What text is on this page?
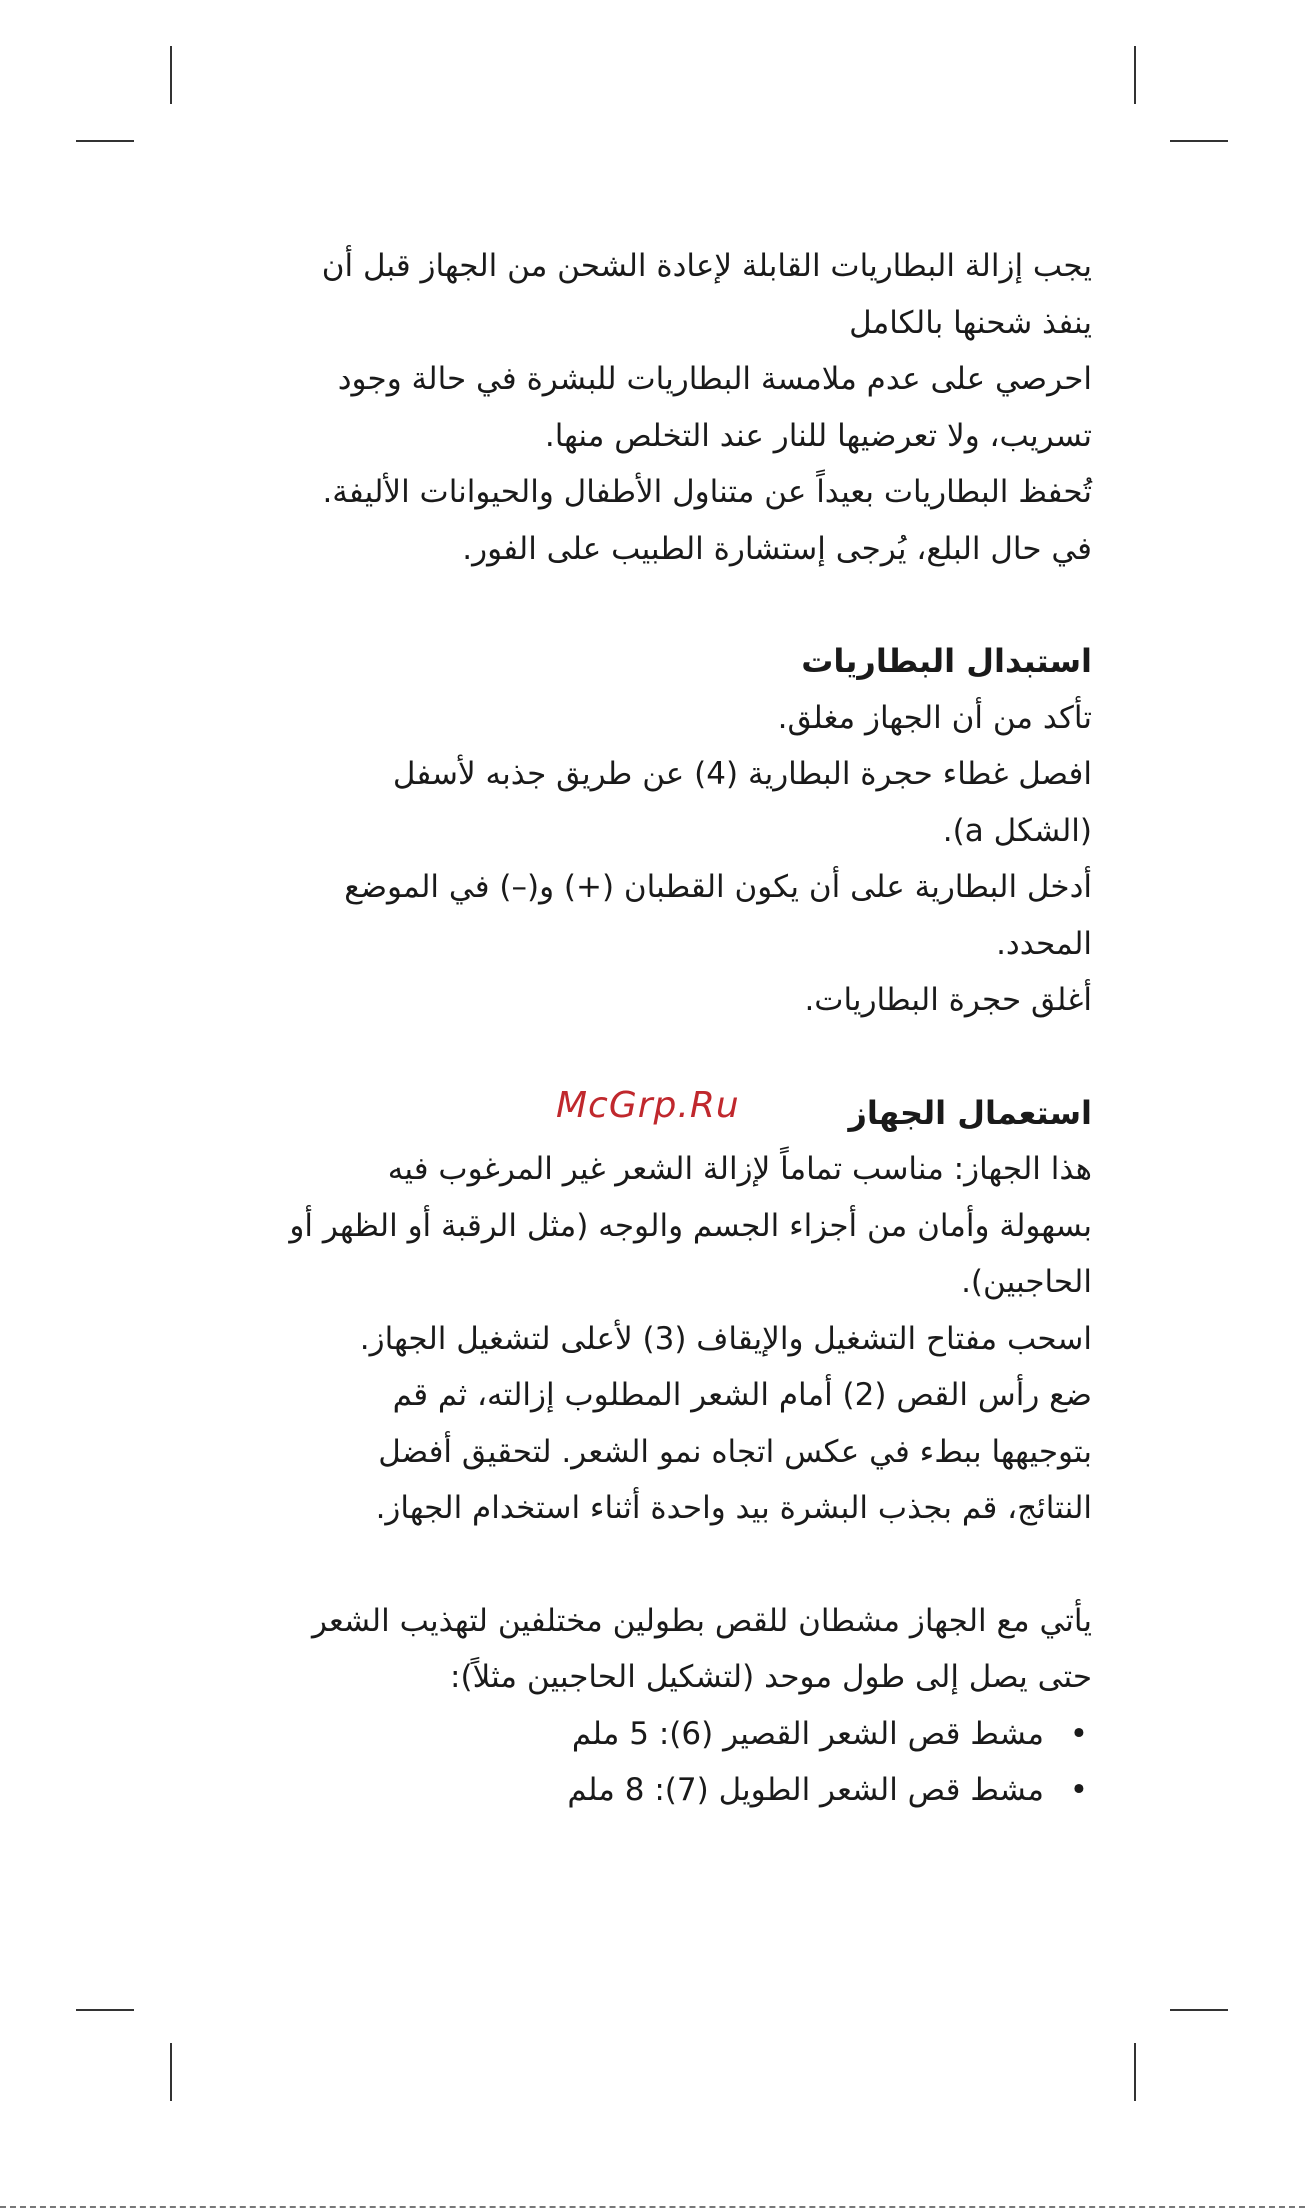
يجب إزالة البطاريات القابلة لإعادة الشحن من الجهاز قبل أن

ينفذ شحنها بالكامل

احرصي على عدم ملامسة البطاريات للبشرة في حالة وجود

تسريب، ولا تعرضيها للنار عند التخلص منها.

تُحفظ البطاريات بعيداً عن متناول الأطفال والحيوانات الأليفة.

في حال البلع، يُرجى إستشارة الطبيب على الفور.

استبدال البطاريات

تأكد من أن الجهاز مغلق.

افصل غطاء حجرة البطارية (4) عن طريق جذبه لأسفل

(الشكل a).

أدخل البطارية على أن يكون القطبان (+) و(–) في الموضع

المحدد.

أغلق حجرة البطاريات.

استعمال الجهاز

هذا الجهاز: مناسب تماماً لإزالة الشعر غير المرغوب فيه

بسهولة وأمان من أجزاء الجسم والوجه (مثل الرقبة أو الظهر أو

الحاجبين).

اسحب مفتاح التشغيل والإيقاف (3) لأعلى لتشغيل الجهاز.

ضع رأس القص (2) أمام الشعر المطلوب إزالته، ثم قم

بتوجيهها ببطء في عكس اتجاه نمو الشعر. لتحقيق أفضل

النتائج، قم بجذب البشرة بيد واحدة أثناء استخدام الجهاز.

يأتي مع الجهاز مشطان للقص بطولين مختلفين لتهذيب الشعر

حتى يصل إلى طول موحد (لتشكيل الحاجبين مثلاً):

•
مشط قص الشعر القصير (6): 5 ملم
•
مشط قص الشعر الطويل (7): 8 ملم
McGrp.Ru
